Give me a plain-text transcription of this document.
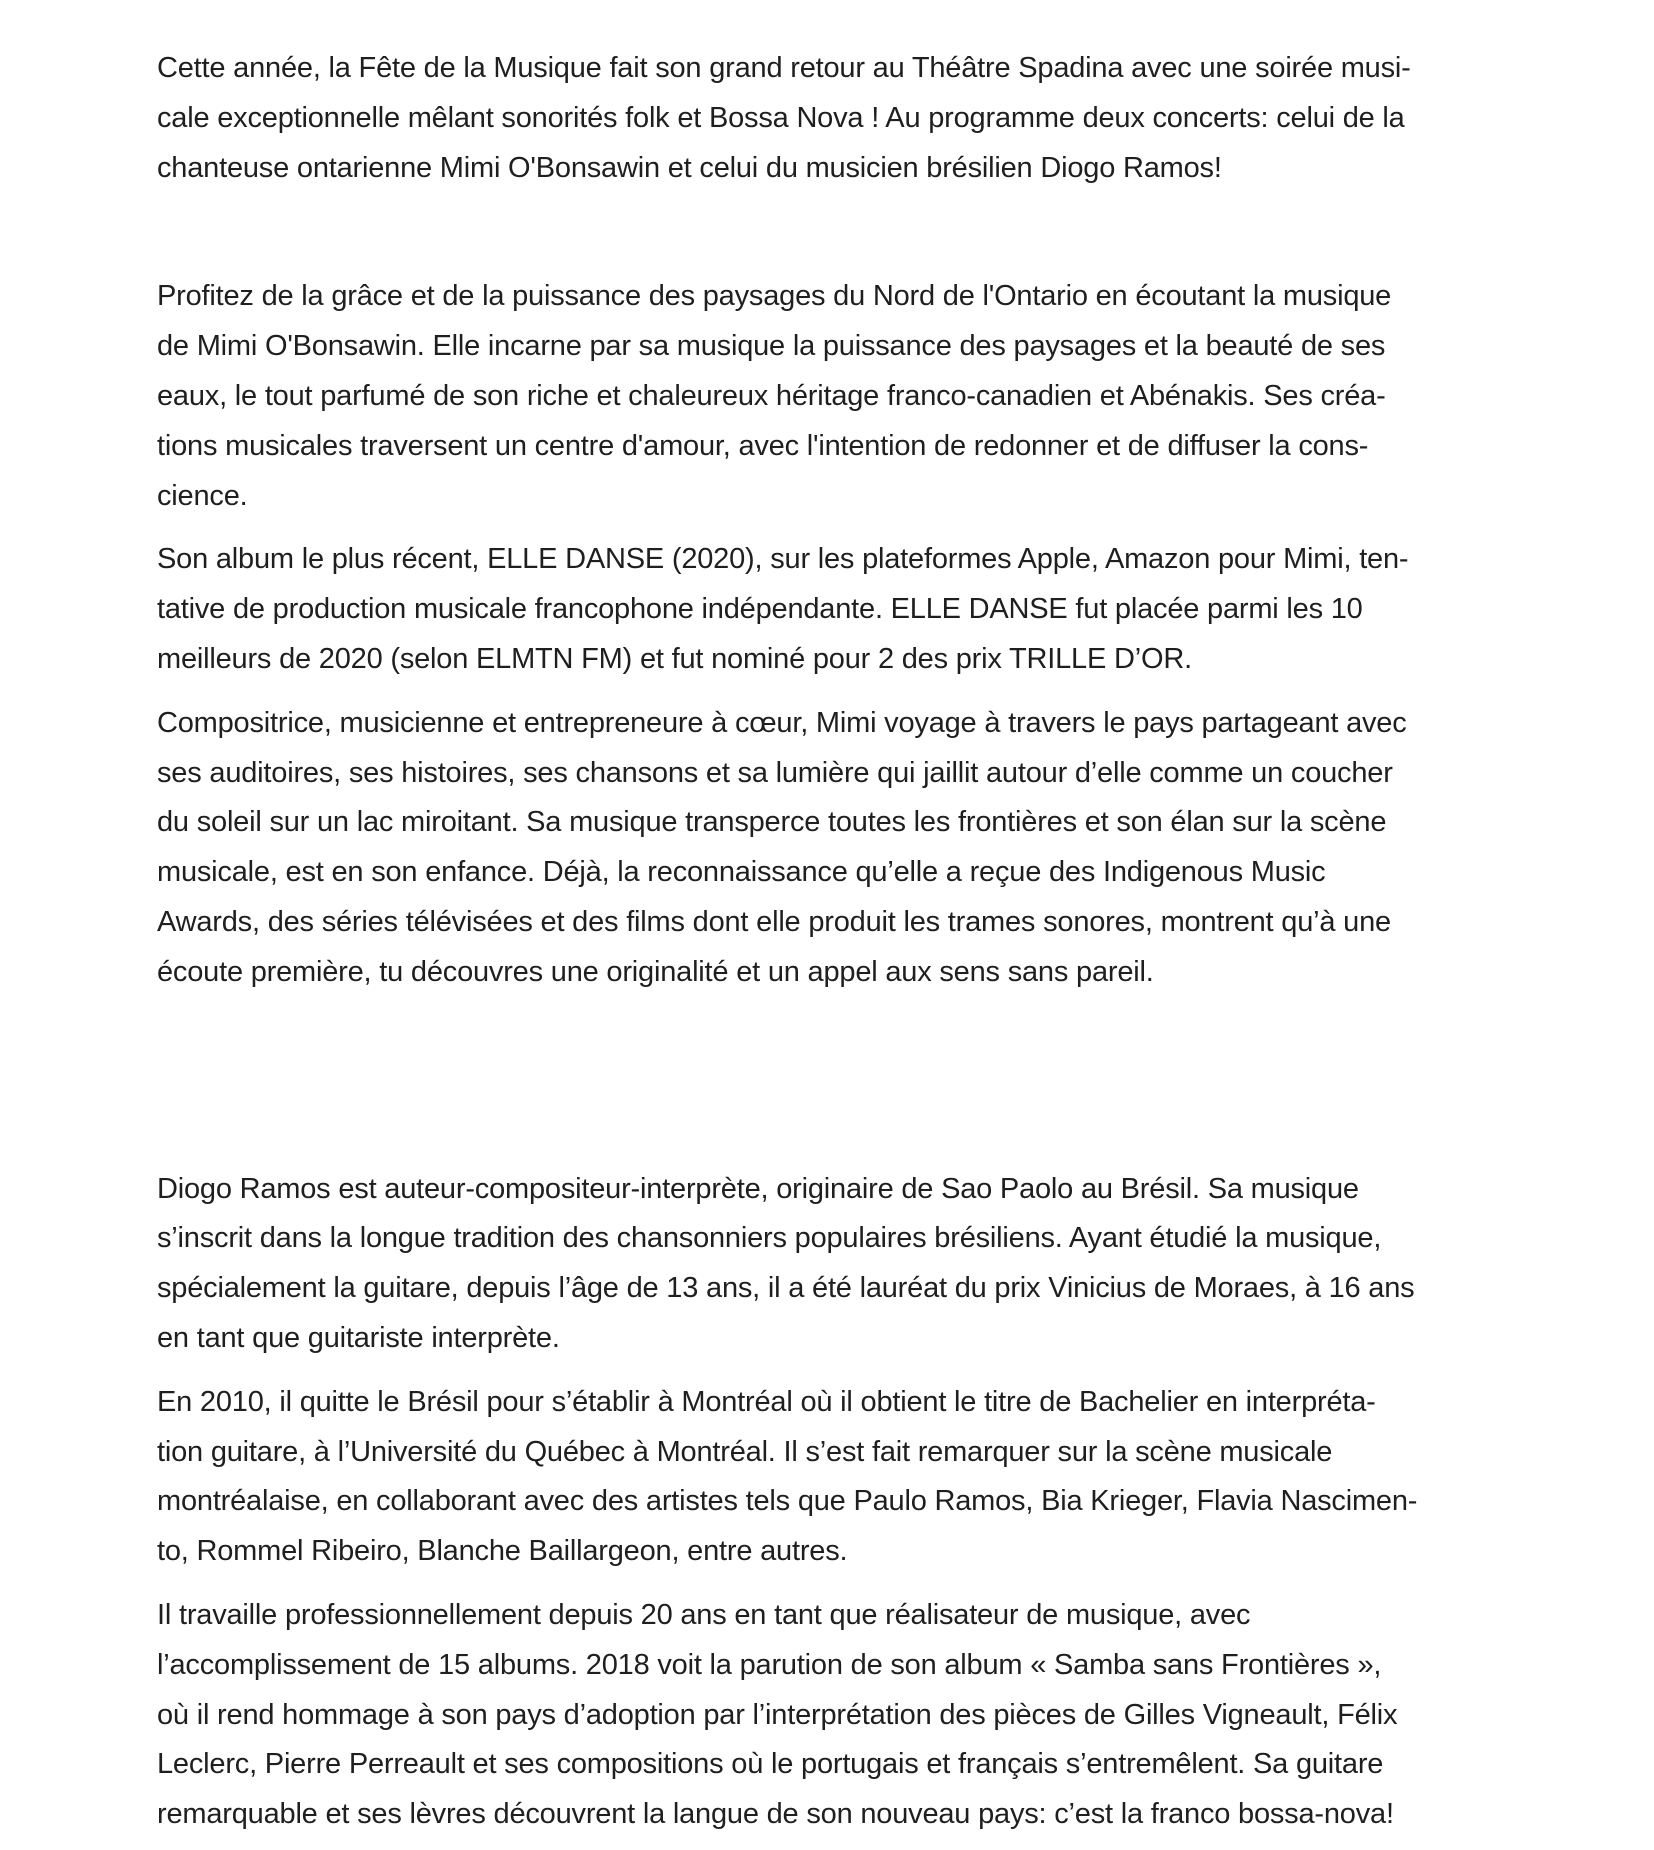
Cette année, la Fête de la Musique fait son grand retour au Théâtre Spadina avec une soirée musi-
cale exceptionnelle mêlant sonorités folk et Bossa Nova ! Au programme deux concerts: celui de la
chanteuse ontarienne Mimi O'Bonsawin et celui du musicien brésilien Diogo Ramos!

Profitez de la grâce et de la puissance des paysages du Nord de l'Ontario en écoutant la musique
de Mimi O'Bonsawin. Elle incarne par sa musique la puissance des paysages et la beauté de ses
eaux, le tout parfumé de son riche et chaleureux héritage franco-canadien et Abénakis. Ses créa-
tions musicales traversent un centre d'amour, avec l'intention de redonner et de diffuser la cons-
cience.

Son album le plus récent, ELLE DANSE (2020), sur les plateformes Apple, Amazon pour Mimi, ten-
tative de production musicale francophone indépendante. ELLE DANSE fut placée parmi les 10
meilleurs de 2020 (selon ELMTN FM) et fut nominé pour 2 des prix TRILLE D’OR.

Compositrice, musicienne et entrepreneure à cœur, Mimi voyage à travers le pays partageant avec
ses auditoires, ses histoires, ses chansons et sa lumière qui jaillit autour d’elle comme un coucher
du soleil sur un lac miroitant. Sa musique transperce toutes les frontières et son élan sur la scène
musicale, est en son enfance. Déjà, la reconnaissance qu’elle a reçue des Indigenous Music
Awards, des séries télévisées et des films dont elle produit les trames sonores, montrent qu’à une
écoute première, tu découvres une originalité et un appel aux sens sans pareil.

Diogo Ramos est auteur-compositeur-interprète, originaire de Sao Paolo au Brésil. Sa musique
s’inscrit dans la longue tradition des chansonniers populaires brésiliens. Ayant étudié la musique,
spécialement la guitare, depuis l’âge de 13 ans, il a été lauréat du prix Vinicius de Moraes, à 16 ans
en tant que guitariste interprète.

En 2010, il quitte le Brésil pour s’établir à Montréal où il obtient le titre de Bachelier en interpréta-
tion guitare, à l’Université du Québec à Montréal. Il s’est fait remarquer sur la scène musicale
montréalaise, en collaborant avec des artistes tels que Paulo Ramos, Bia Krieger, Flavia Nascimen-
to, Rommel Ribeiro, Blanche Baillargeon, entre autres.

Il travaille professionnellement depuis 20 ans en tant que réalisateur de musique, avec
l’accomplissement de 15 albums. 2018 voit la parution de son album « Samba sans Frontières »,
où il rend hommage à son pays d’adoption par l’interprétation des pièces de Gilles Vigneault, Félix
Leclerc, Pierre Perreault et ses compositions où le portugais et français s’entremêlent. Sa guitare
remarquable et ses lèvres découvrent la langue de son nouveau pays: c’est la franco bossa-nova!
